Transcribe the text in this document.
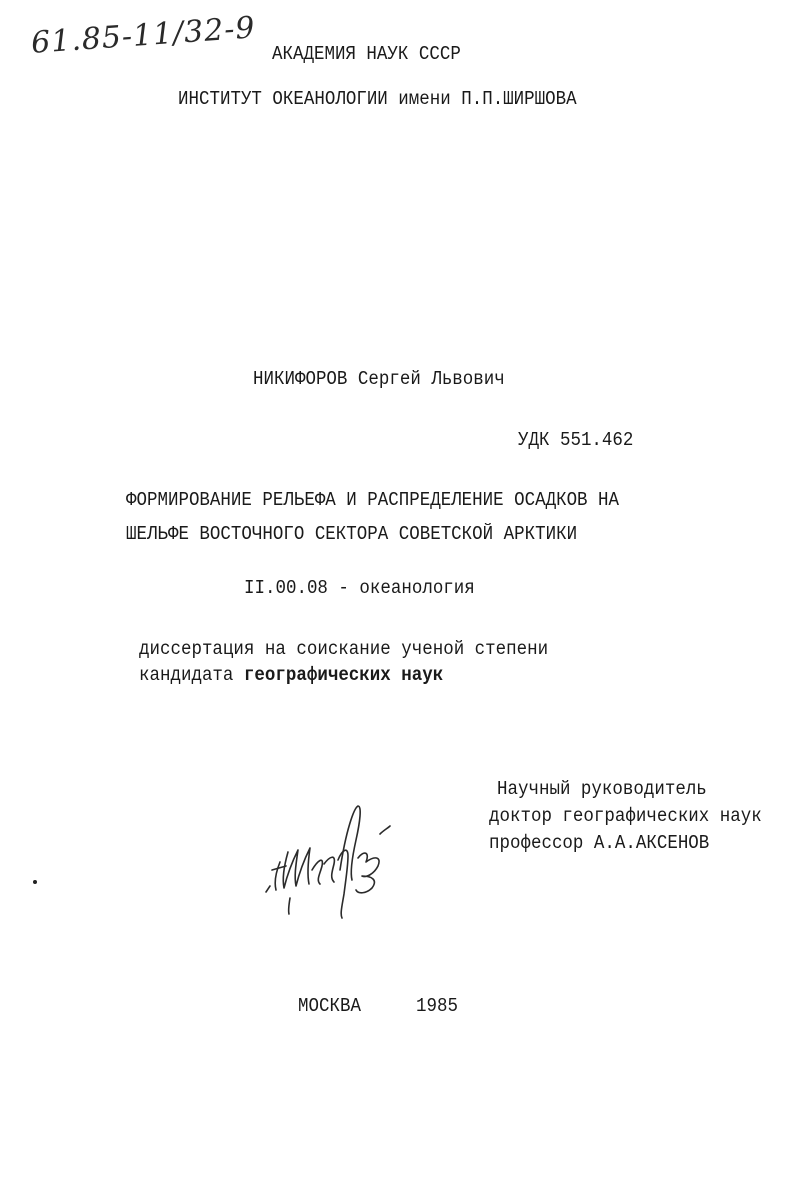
61.85-11/32-9 АКАДЕМИЯ НАУК СССР
ИНСТИТУТ ОКЕАНОЛОГИИ имени П.П.ШИРШОВА
НИКИФОРОВ Сергей Львович
УДК 551.462
ФОРМИРОВАНИЕ РЕЛЬЕФА И РАСПРЕДЕЛЕНИЕ ОСАДКОВ НА
ШЕЛЬФЕ ВОСТОЧНОГО СЕКТОРА СОВЕТСКОЙ АРКТИКИ
II.00.08 - океанология
диссертация на соискание ученой степени
кандидата географических наук
Научный руководитель
доктор географических наук
профессор А.А.АКСЕНОВ
МОСКВА	1985
